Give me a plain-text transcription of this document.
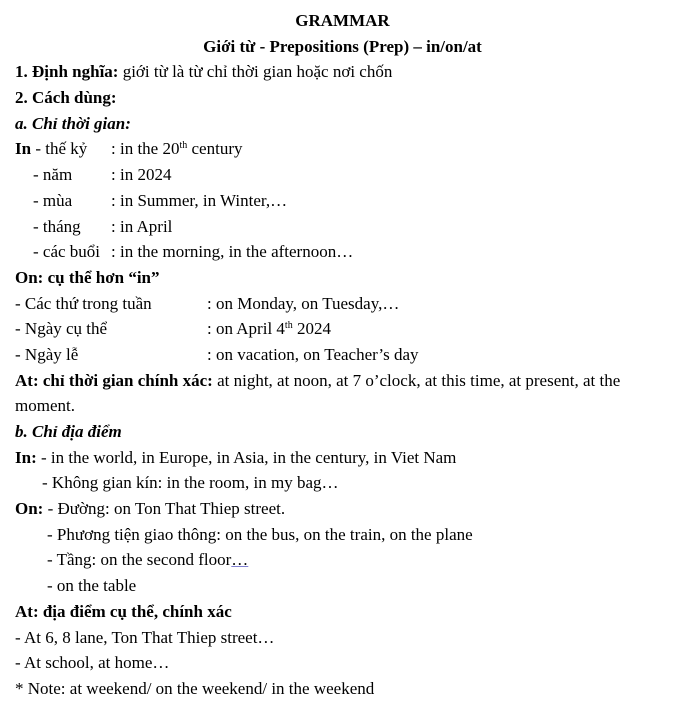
GRAMMAR
Giới từ - Prepositions (Prep) – in/on/at
1. Định nghĩa: giới từ là từ chỉ thời gian hoặc nơi chốn
2. Cách dùng:
a. Chỉ thời gian:
In - thế kỷ : in the 20th century
- năm : in 2024
- mùa : in Summer, in Winter,…
- tháng : in April
- các buổi : in the morning, in the afternoon…
On: cụ thể hơn “in”
- Các thứ trong tuần	: on Monday, on Tuesday,…
- Ngày cụ thể	: on April 4th 2024
- Ngày lễ	: on vacation, on Teacher’s day
At: chỉ thời gian chính xác: at night, at noon, at 7 o’clock, at this time, at present, at the moment.
b. Chỉ địa điểm
In: - in the world, in Europe, in Asia, in the century, in Viet Nam
- Không gian kín: in the room, in my bag…
On: - Đường: on Ton That Thiep street.
- Phương tiện giao thông: on the bus, on the train, on the plane
- Tầng: on the second floor…
- on the table
At: địa điểm cụ thể, chính xác
- At 6, 8 lane, Ton That Thiep street…
- At school, at home…
* Note: at weekend/ on the weekend/ in the weekend
